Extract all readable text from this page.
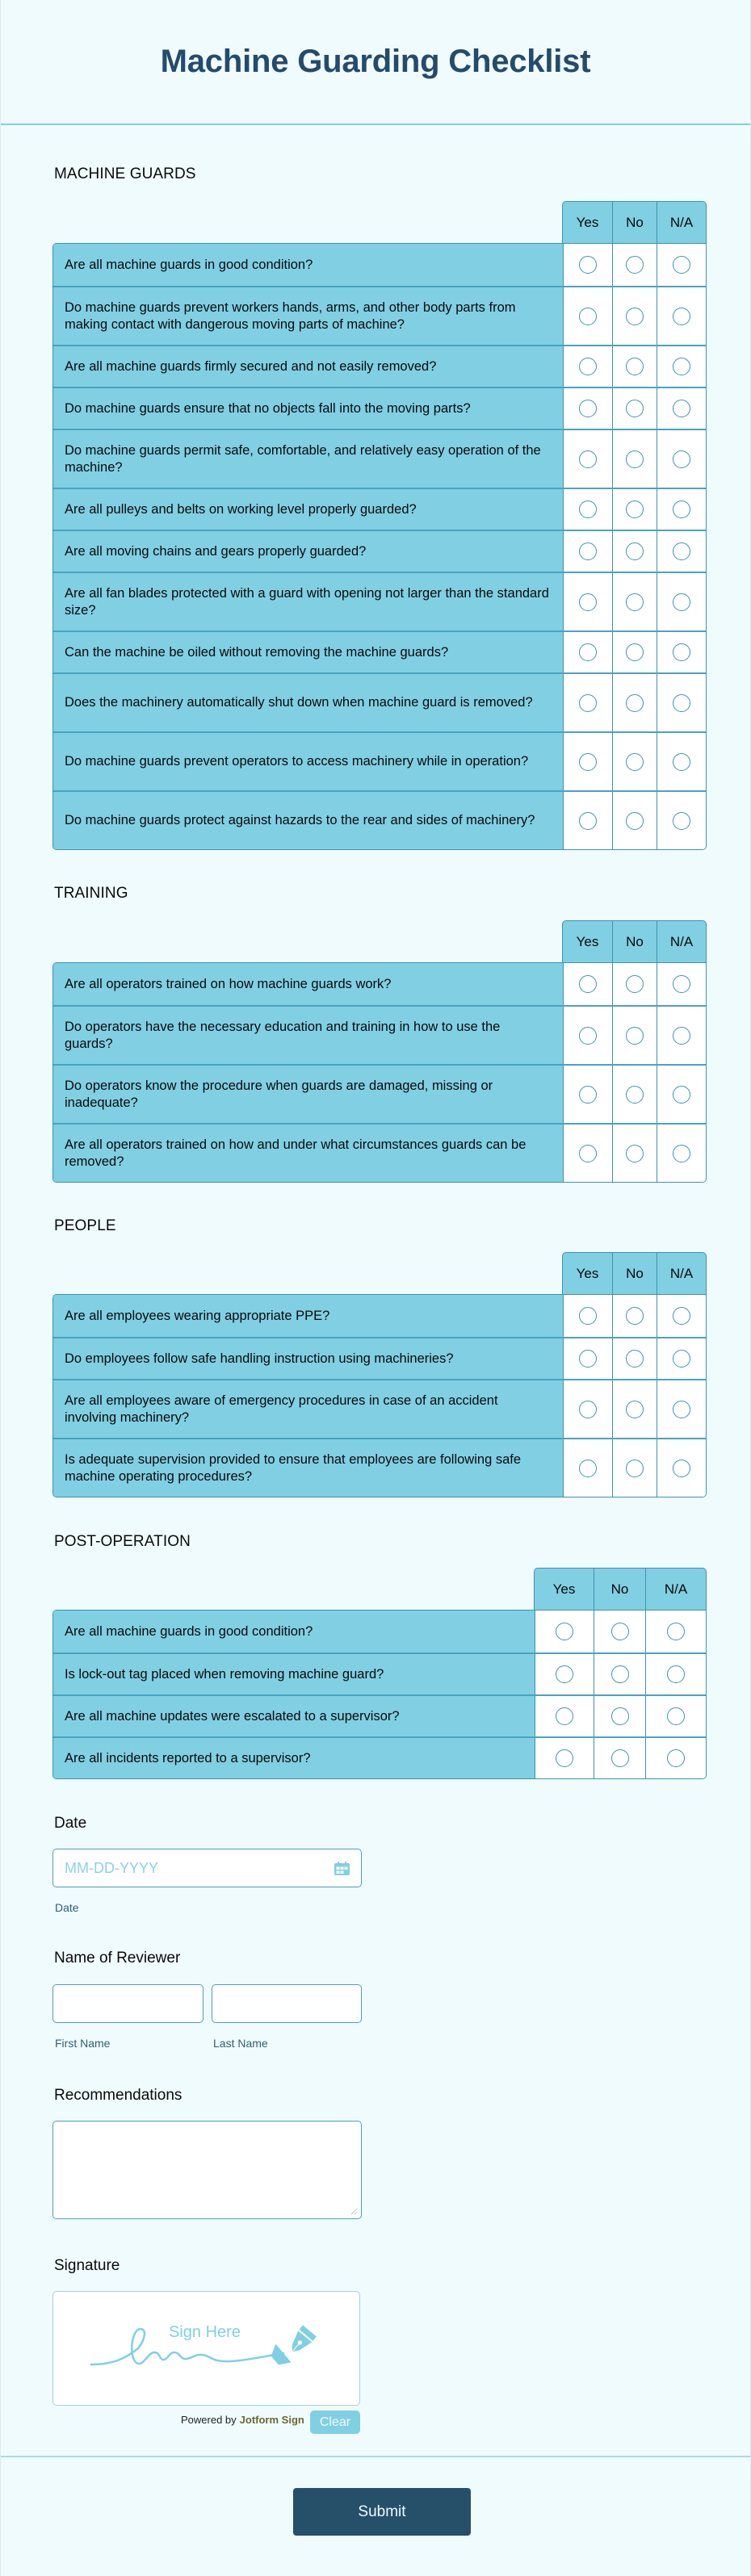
Machine Guarding Checklist
MACHINE GUARDS
Yes	No	N/A
Are all machine guards in good condition?
Do machine guards prevent workers hands, arms, and other body parts from making contact with dangerous moving parts of machine?
Are all machine guards firmly secured and not easily removed?
Do machine guards ensure that no objects fall into the moving parts?
Do machine guards permit safe, comfortable, and relatively easy operation of the machine?
Are all pulleys and belts on working level properly guarded?
Are all moving chains and gears properly guarded?
Are all fan blades protected with a guard with opening not larger than the standard size?
Can the machine be oiled without removing the machine guards?
Does the machinery automatically shut down when machine guard is removed?
Do machine guards prevent operators to access machinery while in operation?
Do machine guards protect against hazards to the rear and sides of machinery?
TRAINING
Yes	No	N/A
Are all operators trained on how machine guards work?
Do operators have the necessary education and training in how to use the guards?
Do operators know the procedure when guards are damaged, missing or inadequate?
Are all operators trained on how and under what circumstances guards can be removed?
PEOPLE
Yes	No	N/A
Are all employees wearing appropriate PPE?
Do employees follow safe handling instruction using machineries?
Are all employees aware of emergency procedures in case of an accident involving machinery?
Is adequate supervision provided to ensure that employees are following safe machine operating procedures?
POST-OPERATION
Yes	No	N/A
Are all machine guards in good condition?
Is lock-out tag placed when removing machine guard?
Are all machine updates were escalated to a supervisor?
Are all incidents reported to a supervisor?
Date
MM-DD-YYYY
Date
Name of Reviewer
First Name	Last Name
Recommendations
Signature
Sign Here
Powered by Jotform Sign	Clear
Submit
